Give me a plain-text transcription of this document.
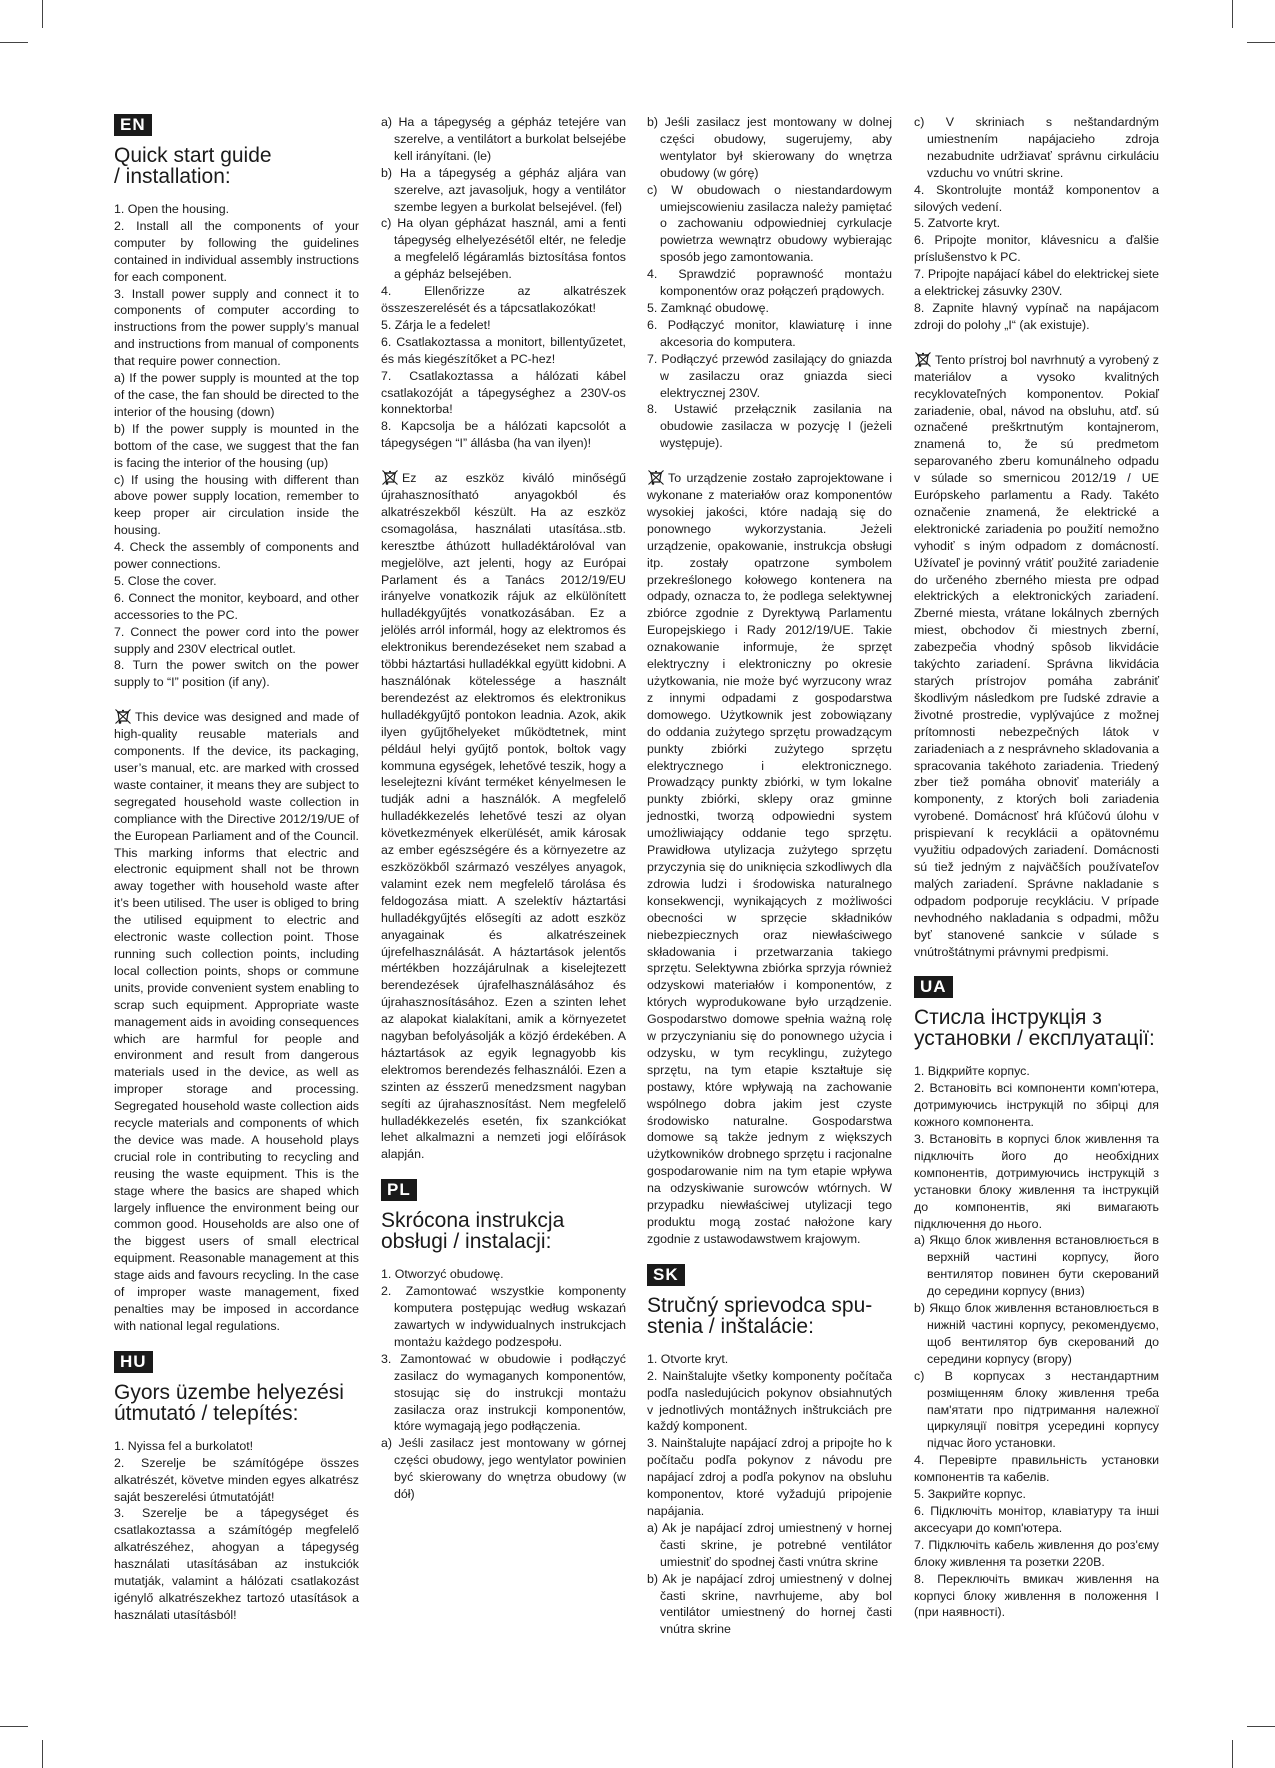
EN
Quick start guide
/ installation:

1. Open the housing.

2. Install all the components of your computer by following the guidelines contained in individual assembly instructions for each component.

3. Install power supply and connect it to components of computer according to instructions from the power supply’s manual and instructions from manual of components that require power connection.

a) If the power supply is mounted at the top of the case, the fan should be directed to the interior of the housing (down)

b) If the power supply is mounted in the bottom of the case, we suggest that the fan is facing the interior of the housing (up)

c) If using the housing with different than above power supply location, remember to keep proper air circulation inside the housing.

4. Check the assembly of components and power connections.

5. Close the cover.

6. Connect the monitor, keyboard, and other accessories to the PC.

7. Connect the power cord into the power supply and 230V electrical outlet.

8. Turn the power switch on the power supply to “I” position (if any).

This device was designed and made of high-quality reusable materials and components. If the device, its packaging, user’s manual, etc. are marked with crossed waste container, it means they are subject to segregated household waste collection in compliance with the Directive 2012/19/UE of the European Parliament and of the Council. This marking informs that electric and electronic equipment shall not be thrown away together with household waste after it’s been utilised. The user is obliged to bring the utilised equipment to electric and electronic waste collection point. Those running such collection points, including local collection points, shops or commune units, provide convenient system enabling to scrap such equipment. Appropriate waste management aids in avoiding consequences which are harmful for people and environment and result from dangerous materials used in the device, as well as improper storage and processing. Segregated household waste collection aids recycle materials and components of which the device was made. A household plays crucial role in contributing to recycling and reusing the waste equipment. This is the stage where the basics are shaped which largely influence the environment being our common good. Households are also one of the biggest users of small electrical equipment. Reasonable management at this stage aids and favours recycling. In the case of improper waste management, fixed penalties may be imposed in accordance with national legal regulations.

HU
Gyors üzembe helyezési
útmutató / telepítés:

1. Nyissa fel a burkolatot!

2. Szerelje be számítógépe összes alkatrészét, követve minden egyes alkatrész saját beszerelési útmutatóját!

3. Szerelje be a tápegységet és csatlakoztassa a számítógép megfelelő alkatrészéhez, ahogyan a tápegység használati utasításában az instukciók mutatják, valamint a hálózati csatlakozást igénylő alkatrészekhez tartozó utasítások a használati utasításból!

a) Ha a tápegység a gépház tetejére van szerelve, a ventilátort a burkolat belsejébe kell irányítani. (le)

b) Ha a tápegység a gépház aljára van szerelve, azt javasoljuk, hogy a ventilátor szembe legyen a burkolat belsejével. (fel)

c) Ha olyan gépházat használ, ami a fenti tápegység elhelyezésétől eltér, ne feledje a megfelelő légáramlás biztosítása fontos a gépház belsejében.

4. Ellenőrizze az alkatrészek összeszerelését és a tápcsatlakozókat!

5. Zárja le a fedelet!

6. Csatlakoztassa a monitort, billentyűzetet, és más kiegészítőket a PC-hez!

7. Csatlakoztassa a hálózati kábel csatlakozóját a tápegységhez a 230V-os konnektorba!

8. Kapcsolja be a hálózati kapcsolót a tápegységen “I” állásba (ha van ilyen)!

Ez az eszköz kiváló minőségű újrahasznosítható anyagokból és alkatrészekből készült. Ha az eszköz csomagolása, használati utasítása..stb. keresztbe áthúzott hulladéktárolóval van megjelölve, azt jelenti, hogy az Európai Parlament és a Tanács 2012/19/EU irányelve vonatkozik rájuk az elkülönített hulladékgyűjtés vonatkozásában. Ez a jelölés arról informál, hogy az elektromos és elektronikus berendezéseket nem szabad a többi háztartási hulladékkal együtt kidobni. A használónak kötelessége a használt berendezést az elektromos és elektronikus hulladékgyűjtő pontokon leadnia. Azok, akik ilyen gyűjtőhelyeket működtetnek, mint például helyi gyűjtő pontok, boltok vagy kommuna egységek, lehetővé teszik, hogy a leselejtezni kívánt terméket kényelmesen le tudják adni a használók. A megfelelő hulladékkezelés lehetővé teszi az olyan következmények elkerülését, amik károsak az ember egészségére és a környezetre az eszközökből származó veszélyes anyagok, valamint ezek nem megfelelő tárolása és feldogozása miatt. A szelektív háztartási hulladékgyűjtés elősegíti az adott eszköz anyagainak és alkatrészeinek újrefelhasználását. A háztartások jelentős mértékben hozzájárulnak a kiselejtezett berendezések újrafelhasználásához és újrahasznosításához. Ezen a szinten lehet az alapokat kialakítani, amik a környezetet nagyban befolyásolják a közjó érdekében. A háztartások az egyik legnagyobb kis elektromos berendezés felhasználói. Ezen a szinten az ésszerű menedzsment nagyban segíti az újrahasznosítást. Nem megfelelő hulladékkezelés esetén, fix szankciókat lehet alkalmazni a nemzeti jogi előírások alapján.

PL
Skrócona instrukcja
obsługi / instalacji:

1. Otworzyć obudowę.

2. Zamontować wszystkie komponenty komputera postępując według wskazań zawartych w indywidualnych instrukcjach montażu każdego podzespołu.

3. Zamontować w obudowie i podłączyć zasilacz do wymaganych komponentów, stosując się do instrukcji montażu zasilacza oraz instrukcji komponentów, które wymagają jego podłączenia.

a) Jeśli zasilacz jest montowany w górnej części obudowy, jego wentylator powinien być skierowany do wnętrza obudowy (w dół)

b) Jeśli zasilacz jest montowany w dolnej części obudowy, sugerujemy, aby wentylator był skierowany do wnętrza obudowy (w górę)

c) W obudowach o niestandardowym umiejscowieniu zasilacza należy pamiętać o zachowaniu odpowiedniej cyrkulacje powietrza wewnątrz obudowy wybierając sposób jego zamontowania.

4. Sprawdzić poprawność montażu komponentów oraz połączeń prądowych.

5. Zamknąć obudowę.

6. Podłączyć monitor, klawiaturę i inne akcesoria do komputera.

7. Podłączyć przewód zasilający do gniazda w zasilaczu oraz gniazda sieci elektrycznej 230V.

8. Ustawić przełącznik zasilania na obudowie zasilacza w pozycję I (jeżeli występuje).

To urządzenie zostało zaprojektowane i wykonane z materiałów oraz komponentów wysokiej jakości, które nadają się do ponownego wykorzystania. Jeżeli urządzenie, opakowanie, instrukcja obsługi itp. zostały opatrzone symbolem przekreślonego kołowego kontenera na odpady, oznacza to, że podlega selektywnej zbiórce zgodnie z Dyrektywą Parlamentu Europejskiego i Rady 2012/19/UE. Takie oznakowanie informuje, że sprzęt elektryczny i elektroniczny po okresie użytkowania, nie może być wyrzucony wraz z innymi odpadami z gospodarstwa domowego. Użytkownik jest zobowiązany do oddania zużytego sprzętu prowadzącym punkty zbiórki zużytego sprzętu elektrycznego i elektronicznego. Prowadzący punkty zbiórki, w tym lokalne punkty zbiórki, sklepy oraz gminne jednostki, tworzą odpowiedni system umożliwiający oddanie tego sprzętu. Prawidłowa utylizacja zużytego sprzętu przyczynia się do uniknięcia szkodliwych dla zdrowia ludzi i środowiska naturalnego konsekwencji, wynikających z możliwości obecności w sprzęcie składników niebezpiecznych oraz niewłaściwego składowania i przetwarzania takiego sprzętu. Selektywna zbiórka sprzyja również odzyskowi materiałów i komponentów, z których wyprodukowane było urządzenie. Gospodarstwo domowe spełnia ważną rolę w przyczynianiu się do ponownego użycia i odzysku, w tym recyklingu, zużytego sprzętu, na tym etapie kształtuje się postawy, które wpływają na zachowanie wspólnego dobra jakim jest czyste środowisko naturalne. Gospodarstwa domowe są także jednym z większych użytkowników drobnego sprzętu i racjonalne gospodarowanie nim na tym etapie wpływa na odzyskiwanie surowców wtórnych. W przypadku niewłaściwej utylizacji tego produktu mogą zostać nałożone kary zgodnie z ustawodawstwem krajowym.

SK
Stručný sprievodca spu-
stenia / inštalácie:

1. Otvorte kryt.

2. Nainštalujte všetky komponenty počítača podľa nasledujúcich pokynov obsiahnutých v jednotlivých montážnych inštrukciách pre každý komponent.

3. Nainštalujte napájací zdroj a pripojte ho k počítaču podľa pokynov z návodu pre napájací zdroj a podľa pokynov na obsluhu komponentov, ktoré vyžadujú pripojenie napájania.

a) Ak je napájací zdroj umiestnený v hornej časti skrine, je potrebné ventilátor umiestniť do spodnej časti vnútra skrine

b) Ak je napájací zdroj umiestnený v dolnej časti skrine, navrhujeme, aby bol ventilátor umiestnený do hornej časti vnútra skrine

c) V skriniach s neštandardným umiestnením napájacieho zdroja nezabudnite udržiavať správnu cirkuláciu vzduchu vo vnútri skrine.

4. Skontrolujte montáž komponentov a silových vedení.

5. Zatvorte kryt.

6. Pripojte monitor, klávesnicu a ďalšie príslušenstvo k PC.

7. Pripojte napájací kábel do elektrickej siete a elektrickej zásuvky 230V.

8. Zapnite hlavný vypínač na napájacom zdroji do polohy „I“ (ak existuje).

Tento prístroj bol navrhnutý a vyrobený z materiálov a vysoko kvalitných recyklovateľných komponentov. Pokiaľ zariadenie, obal, návod na obsluhu, atď. sú označené preškrtnutým kontajnerom, znamená to, že sú predmetom separovaného zberu komunálneho odpadu v súlade so smernicou 2012/19 / UE Európskeho parlamentu a Rady. Takéto označenie znamená, že elektrické a elektronické zariadenia po použití nemožno vyhodiť s iným odpadom z domácností. Užívateľ je povinný vrátiť použité zariadenie do určeného zberného miesta pre odpad elektrických a elektronických zariadení. Zberné miesta, vrátane lokálnych zberných miest, obchodov či miestnych zberní, zabezpečia vhodný spôsob likvidácie takýchto zariadení. Správna likvidácia starých prístrojov pomáha zabrániť škodlivým následkom pre ľudské zdravie a životné prostredie, vyplývajúce z možnej prítomnosti nebezpečných látok v zariadeniach a z nesprávneho skladovania a spracovania takéhoto zariadenia. Triedený zber tiež pomáha obnoviť materiály a komponenty, z ktorých boli zariadenia vyrobené. Domácnosť hrá kľúčovú úlohu v prispievaní k recyklácii a opätovnému využitiu odpadových zariadení. Domácnosti sú tiež jedným z najväčších používateľov malých zariadení. Správne nakladanie s odpadom podporuje recykláciu. V prípade nevhodného nakladania s odpadmi, môžu byť stanovené sankcie v súlade s vnútroštátnymi právnymi predpismi.

UA
Стисла інструкція з
установки / експлуатації:

1. Відкрийте корпус.

2. Встановіть всі компоненти комп'ютера, дотримуючись інструкцій по збірці для кожного компонента.

3. Встановіть в корпусі блок живлення та підключіть його до необхідних компонентів, дотримуючись інструкцій з установки блоку живлення та інструкцій до компонентів, які вимагають підключення до нього.

a) Якщо блок живлення встановлюється в верхній частині корпусу, його вентилятор повинен бути скерований до середини корпусу (вниз)

b) Якщо блок живлення встановлюється в нижній частині корпусу, рекомендуємо, щоб вентилятор був скерований до середини корпусу (вгору)

c) В корпусах з нестандартним розміщенням блоку живлення треба пам'ятати про підтримання належної циркуляції повітря усередині корпусу підчас його установки.

4. Перевірте правильність установки компонентів та кабелів.

5. Закрийте корпус.

6. Підключіть монітор, клавіатуру та інші аксесуари до комп'ютера.

7. Підключіть кабель живлення до роз'єму блоку живлення та розетки 220В.

8. Переключіть вмикач живлення на корпусі блоку живлення в положення I (при наявності).
